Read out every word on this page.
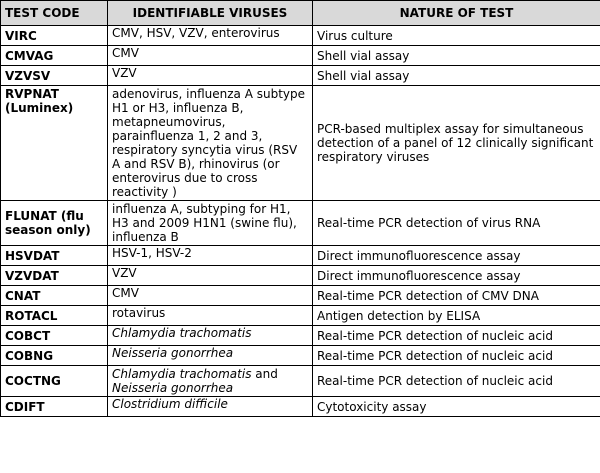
TEST CODE	IDENTIFIABLE VIRUSES	NATURE OF TEST
VIRC	CMV, HSV, VZV, enterovirus	Virus culture
CMVAG	CMV	Shell vial assay
VZVSV	VZV	Shell vial assay
RVPNAT (Luminex)	adenovirus, influenza A subtype H1 or H3, influenza B, metapneumovirus, parainfluenza 1, 2 and 3, respiratory syncytia virus (RSV A and RSV B), rhinovirus (or enterovirus due to cross reactivity )	PCR-based multiplex assay for simultaneous detection of a panel of 12 clinically significant respiratory viruses
FLUNAT (flu season only)	influenza A, subtyping for H1, H3 and 2009 H1N1 (swine flu), influenza B	Real-time PCR detection of virus RNA
HSVDAT	HSV-1, HSV-2	Direct immunofluorescence assay
VZVDAT	VZV	Direct immunofluorescence assay
CNAT	CMV	Real-time PCR detection of CMV DNA
ROTACL	rotavirus	Antigen detection by ELISA
COBCT	Chlamydia trachomatis	Real-time PCR detection of nucleic acid
COBNG	Neisseria gonorrhea	Real-time PCR detection of nucleic acid
COCTNG	Chlamydia trachomatis and Neisseria gonorrhea	Real-time PCR detection of nucleic acid
CDIFT	Clostridium difficile	Cytotoxicity assay
